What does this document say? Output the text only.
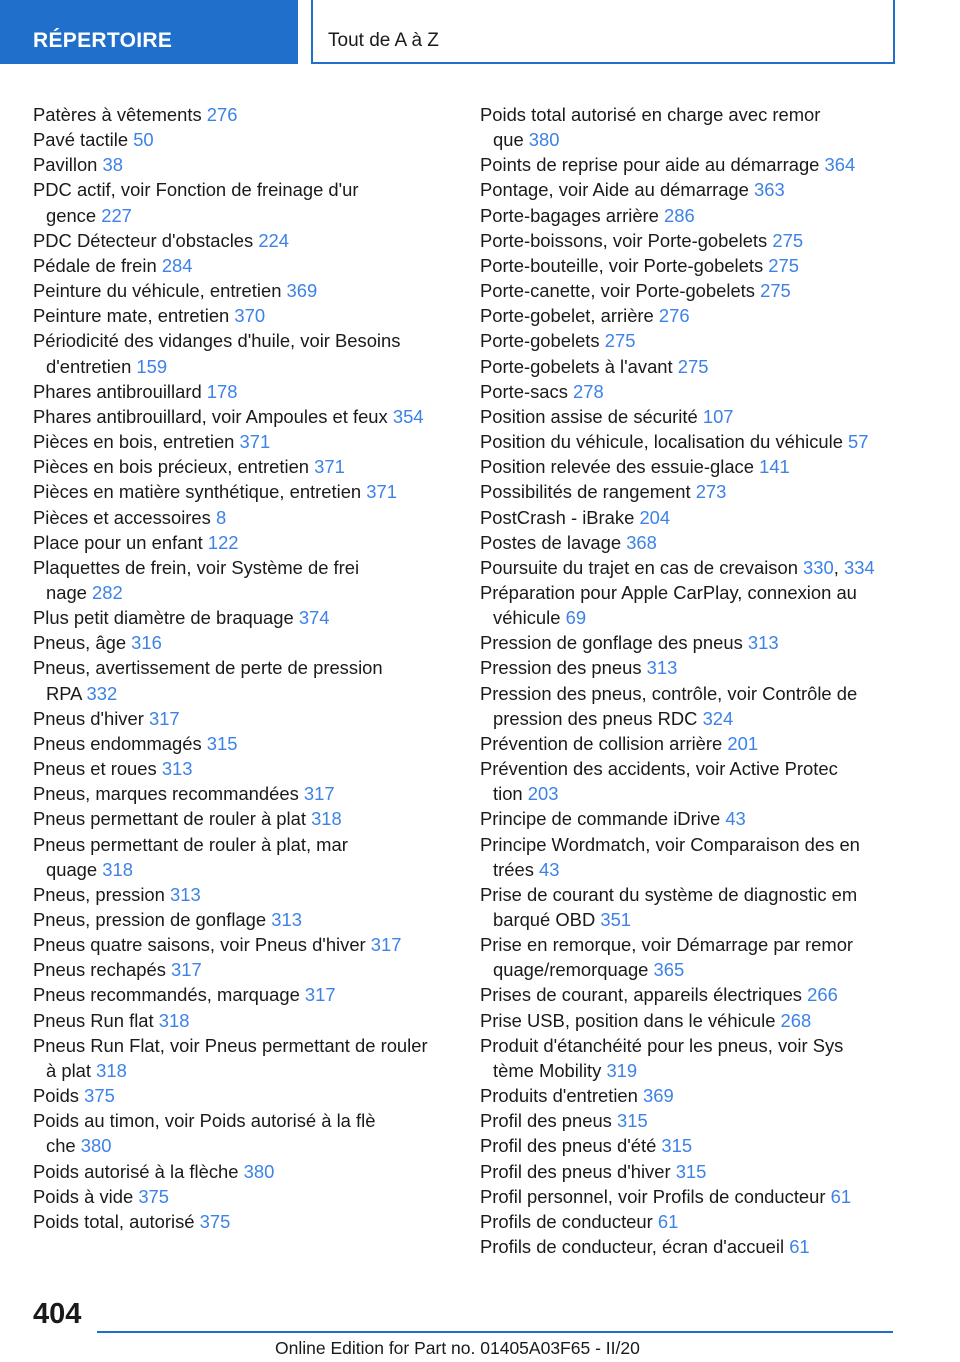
RÉPERTOIRE	Tout de A à Z

Patères à vêtements 276

Pavé tactile 50

Pavillon 38

PDC actif, voir Fonction de freinage d'ur
gence 227

PDC Détecteur d'obstacles 224

Pédale de frein 284

Peinture du véhicule, entretien 369

Peinture mate, entretien 370

Périodicité des vidanges d'huile, voir Besoins
d'entretien 159

Phares antibrouillard 178

Phares antibrouillard, voir Ampoules et feux 354

Pièces en bois, entretien 371

Pièces en bois précieux, entretien 371

Pièces en matière synthétique, entretien 371

Pièces et accessoires 8

Place pour un enfant 122

Plaquettes de frein, voir Système de frei
nage 282

Plus petit diamètre de braquage 374

Pneus, âge 316

Pneus, avertissement de perte de pression
RPA 332

Pneus d'hiver 317

Pneus endommagés 315

Pneus et roues 313

Pneus, marques recommandées 317

Pneus permettant de rouler à plat 318

Pneus permettant de rouler à plat, mar
quage 318

Pneus, pression 313

Pneus, pression de gonflage 313

Pneus quatre saisons, voir Pneus d'hiver 317

Pneus rechapés 317

Pneus recommandés, marquage 317

Pneus Run flat 318

Pneus Run Flat, voir Pneus permettant de rouler
à plat 318

Poids 375

Poids au timon, voir Poids autorisé à la flè
che 380

Poids autorisé à la flèche 380

Poids à vide 375

Poids total, autorisé 375

Poids total autorisé en charge avec remor
que 380

Points de reprise pour aide au démarrage 364

Pontage, voir Aide au démarrage 363

Porte-bagages arrière 286

Porte-boissons, voir Porte-gobelets 275

Porte-bouteille, voir Porte-gobelets 275

Porte-canette, voir Porte-gobelets 275

Porte-gobelet, arrière 276

Porte-gobelets 275

Porte-gobelets à l'avant 275

Porte-sacs 278

Position assise de sécurité 107

Position du véhicule, localisation du véhicule 57

Position relevée des essuie-glace 141

Possibilités de rangement 273

PostCrash - iBrake 204

Postes de lavage 368

Poursuite du trajet en cas de crevaison 330, 334

Préparation pour Apple CarPlay, connexion au
véhicule 69

Pression de gonflage des pneus 313

Pression des pneus 313

Pression des pneus, contrôle, voir Contrôle de
pression des pneus RDC 324

Prévention de collision arrière 201

Prévention des accidents, voir Active Protec
tion 203

Principe de commande iDrive 43

Principe Wordmatch, voir Comparaison des en
trées 43

Prise de courant du système de diagnostic em
barqué OBD 351

Prise en remorque, voir Démarrage par remor
quage/remorquage 365

Prises de courant, appareils électriques 266

Prise USB, position dans le véhicule 268

Produit d'étanchéité pour les pneus, voir Sys
tème Mobility 319

Produits d'entretien 369

Profil des pneus 315

Profil des pneus d'été 315

Profil des pneus d'hiver 315

Profil personnel, voir Profils de conducteur 61

Profils de conducteur 61

Profils de conducteur, écran d'accueil 61

404
Online Edition for Part no. 01405A03F65 - II/20
